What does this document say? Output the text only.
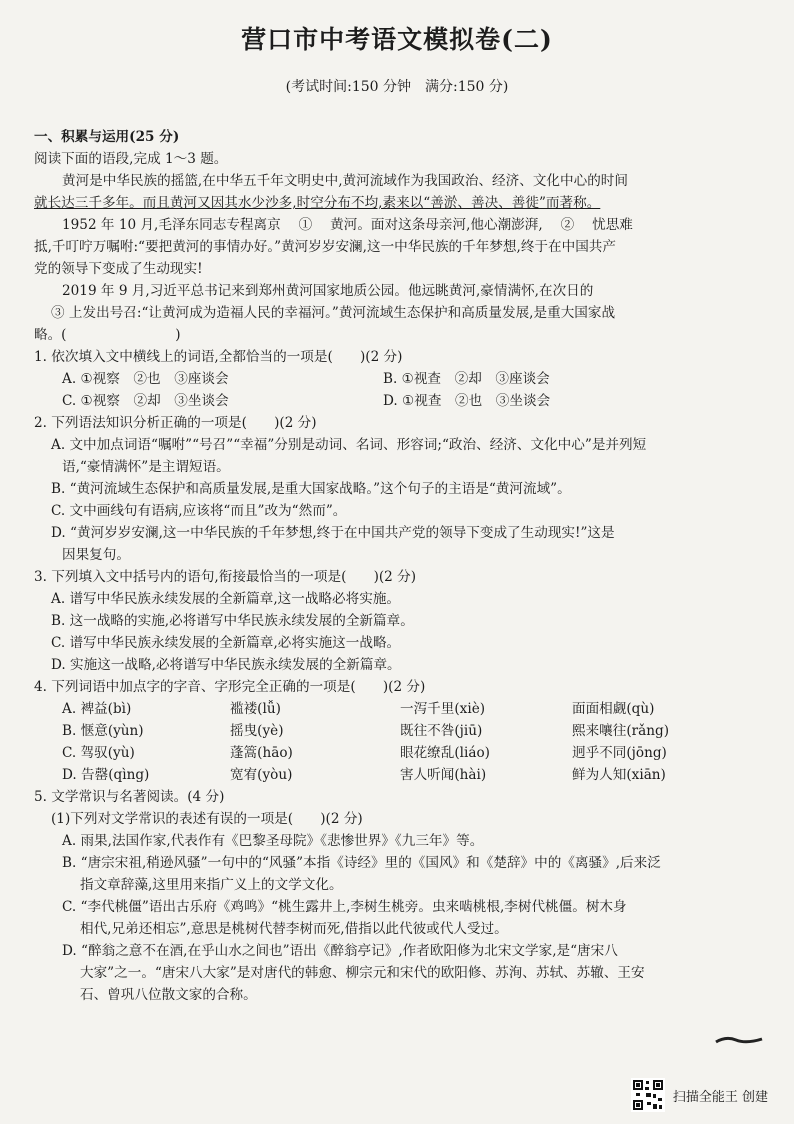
营口市中考语文模拟卷(二)
(考试时间:150 分钟　满分:150 分)
一、积累与运用(25 分)
阅读下面的语段,完成 1～3 题。
黄河是中华民族的摇篮,在中华五千年文明史中,黄河流域作为我国政治、经济、文化中心的时间
就长达三千多年。而且黄河又因其水少沙多,时空分布不均,素来以“善淤、善决、善徙”而著称。
1952 年 10 月,毛泽东同志专程离京 　①　 黄河。面对这条母亲河,他心潮澎湃, 　②　 忧思难
抵,千叮咛万嘱咐:“要把黄河的事情办好。”黄河岁岁安澜,这一中华民族的千年梦想,终于在中国共产
党的领导下变成了生动现实!
2019 年 9 月,习近平总书记来到郑州黄河国家地质公园。他远眺黄河,豪情满怀,在次日的
③ 上发出号召:“让黄河成为造福人民的幸福河。”黄河流域生态保护和高质量发展,是重大国家战
略。(　　　　　　　　)
1. 依次填入文中横线上的词语,全都恰当的一项是(　　)(2 分)
A. ①视察　②也　③座谈会	B. ①视查　②却　③座谈会
C. ①视察　②却　③坐谈会	D. ①视查　②也　③坐谈会
2. 下列语法知识分析正确的一项是(　　)(2 分)
A. 文中加点词语“嘱咐”“号召”“幸福”分别是动词、名词、形容词;“政治、经济、文化中心”是并列短
语,“豪情满怀”是主谓短语。
B. “黄河流域生态保护和高质量发展,是重大国家战略。”这个句子的主语是“黄河流域”。
C. 文中画线句有语病,应该将“而且”改为“然而”。
D. “黄河岁岁安澜,这一中华民族的千年梦想,终于在中国共产党的领导下变成了生动现实!”这是
因果复句。
3. 下列填入文中括号内的语句,衔接最恰当的一项是(　　)(2 分)
A. 谱写中华民族永续发展的全新篇章,这一战略必将实施。
B. 这一战略的实施,必将谱写中华民族永续发展的全新篇章。
C. 谱写中华民族永续发展的全新篇章,必将实施这一战略。
D. 实施这一战略,必将谱写中华民族永续发展的全新篇章。
4. 下列词语中加点字的字音、字形完全正确的一项是(　　)(2 分)
A. 裨益(bì)	褴褛(lǚ)	一泻千里(xiè)	面面相觑(qù)
B. 惬意(yùn)	摇曳(yè)	既往不咎(jiū)	熙来嚷往(rǎng)
C. 驾驭(yù)	蓬篙(hāo)	眼花缭乱(liáo)	迥乎不同(jōng)
D. 告罄(qìng)	宽宥(yòu)	害人听闻(hài)	鲜为人知(xiān)
5. 文学常识与名著阅读。(4 分)
(1)下列对文学常识的表述有误的一项是(　　)(2 分)
A. 雨果,法国作家,代表作有《巴黎圣母院》《悲惨世界》《九三年》等。
B. “唐宗宋祖,稍逊风骚”一句中的“风骚”本指《诗经》里的《国风》和《楚辞》中的《离骚》,后来泛
指文章辞藻,这里用来指广义上的文学文化。
C. “李代桃僵”语出古乐府《鸡鸣》“桃生露井上,李树生桃旁。虫来啮桃根,李树代桃僵。树木身
相代,兄弟还相忘”,意思是桃树代替李树而死,借指以此代彼或代人受过。
D. “醉翁之意不在酒,在乎山水之间也”语出《醉翁亭记》,作者欧阳修为北宋文学家,是“唐宋八
大家”之一。“唐宋八大家”是对唐代的韩愈、柳宗元和宋代的欧阳修、苏洵、苏轼、苏辙、王安
石、曾巩八位散文家的合称。
扫描全能王 创建
